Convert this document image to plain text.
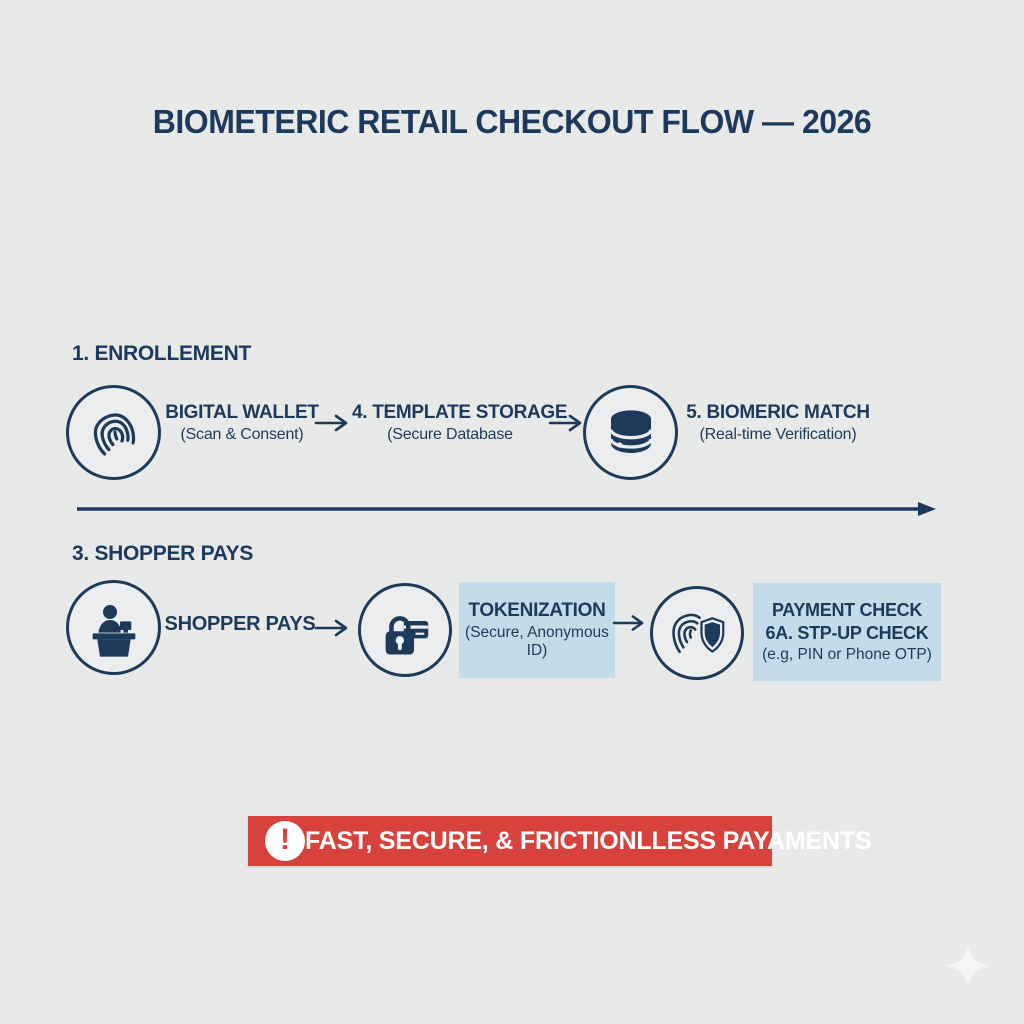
BIOMETERIC RETAIL CHECKOUT FLOW — 2026
1. ENROLLEMENT
BIGITAL WALLET
(Scan & Consent)
4. TEMPLATE STORAGE
(Secure Database
5. BIOMERIC MATCH
(Real-time Verification)
3. SHOPPER PAYS
SHOPPER PAYS
TOKENIZATION
(Secure, Anonymous ID)
PAYMENT CHECK
6A. STP-UP CHECK
(e.g, PIN or Phone OTP)
! FAST, SECURE, & FRICTIONLLESS PAYAMENTS
